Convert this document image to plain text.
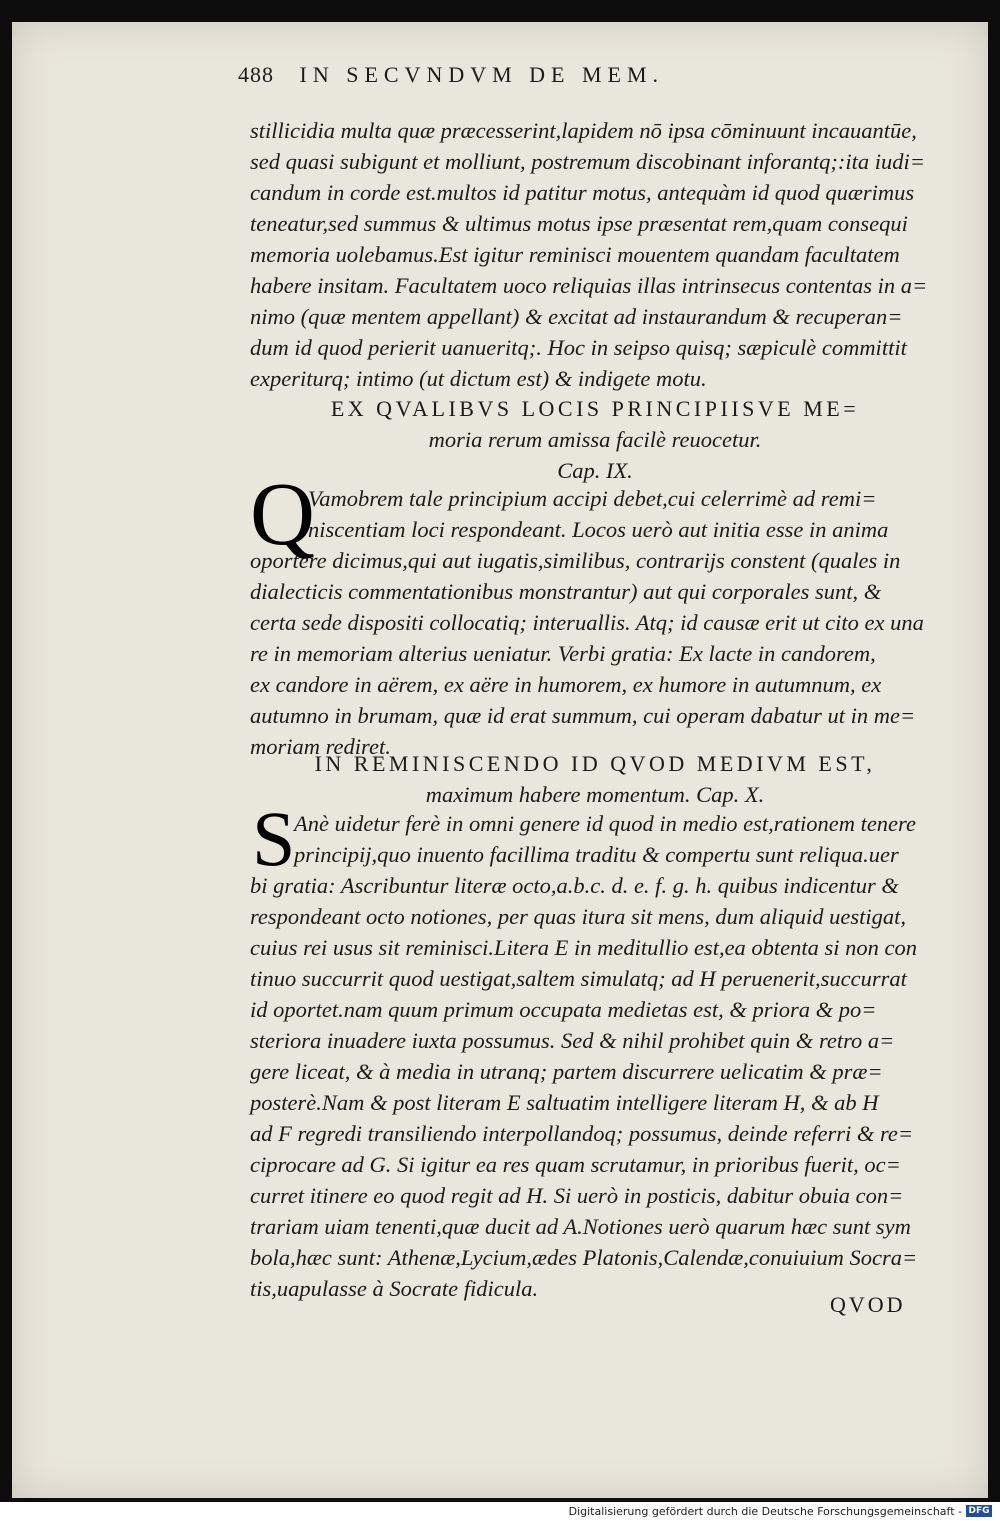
488 IN SECVNDVM DE MEM.
stillicidia multa quæ præcesserint,lapidem nō ipsa cōminuunt incauantūe,
sed quasi subigunt et molliunt, postremum discobinant inforantq;:ita iudi=
candum in corde est.multos id patitur motus, antequàm id quod quærimus
teneatur,sed summus & ultimus motus ipse præsentat rem,quam consequi
memoria uolebamus.Est igitur reminisci mouentem quandam facultatem
habere insitam. Facultatem uoco reliquias illas intrinsecus contentas in a=
nimo (quæ mentem appellant) & excitat ad instaurandum & recuperan=
dum id quod perierit uanueritq;. Hoc in seipso quisq; sæpiculè committit
experiturq; intimo (ut dictum est) & indigete motu.
EX QVALIBVS LOCIS PRINCIPIISVE ME=
moria rerum amissa facilè reuocetur.
Cap. IX.
Q
Vamobrem tale principium accipi debet,cui celerrimè ad remi=
niscentiam loci respondeant. Locos uerò aut initia esse in anima
oportere dicimus,qui aut iugatis,similibus, contrarijs constent (quales in
dialecticis commentationibus monstrantur) aut qui corporales sunt, &
certa sede dispositi collocatiq; interuallis. Atq; id causæ erit ut cito ex una
re in memoriam alterius ueniatur. Verbi gratia: Ex lacte in candorem,
ex candore in aërem, ex aëre in humorem, ex humore in autumnum, ex
autumno in brumam, quæ id erat summum, cui operam dabatur ut in me=
moriam rediret.
IN REMINISCENDO ID QVOD MEDIVM EST,
maximum habere momentum. Cap. X.
S
Anè uidetur ferè in omni genere id quod in medio est,rationem tenere
principij,quo inuento facillima traditu & compertu sunt reliqua.uer
bi gratia: Ascribuntur literæ octo,a.b.c. d. e. f. g. h. quibus indicentur &
respondeant octo notiones, per quas itura sit mens, dum aliquid uestigat,
cuius rei usus sit reminisci.Litera E in meditullio est,ea obtenta si non con
tinuo succurrit quod uestigat,saltem simulatq; ad H peruenerit,succurrat
id oportet.nam quum primum occupata medietas est, & priora & po=
steriora inuadere iuxta possumus. Sed & nihil prohibet quin & retro a=
gere liceat, & à media in utranq; partem discurrere uelicatim & præ=
posterè.Nam & post literam E saltuatim intelligere literam H, & ab H
ad F regredi transiliendo interpollandoq; possumus, deinde referri & re=
ciprocare ad G. Si igitur ea res quam scrutamur, in prioribus fuerit, oc=
curret itinere eo quod regit ad H. Si uerò in posticis, dabitur obuia con=
trariam uiam tenenti,quæ ducit ad A.Notiones uerò quarum hæc sunt sym
bola,hæc sunt: Athenæ,Lycium,ædes Platonis,Calendæ,conuiuium Socra=
tis,uapulasse à Socrate fidicula.
QVOD
Digitalisierung gefördert durch die Deutsche Forschungsgemeinschaft - DFG
